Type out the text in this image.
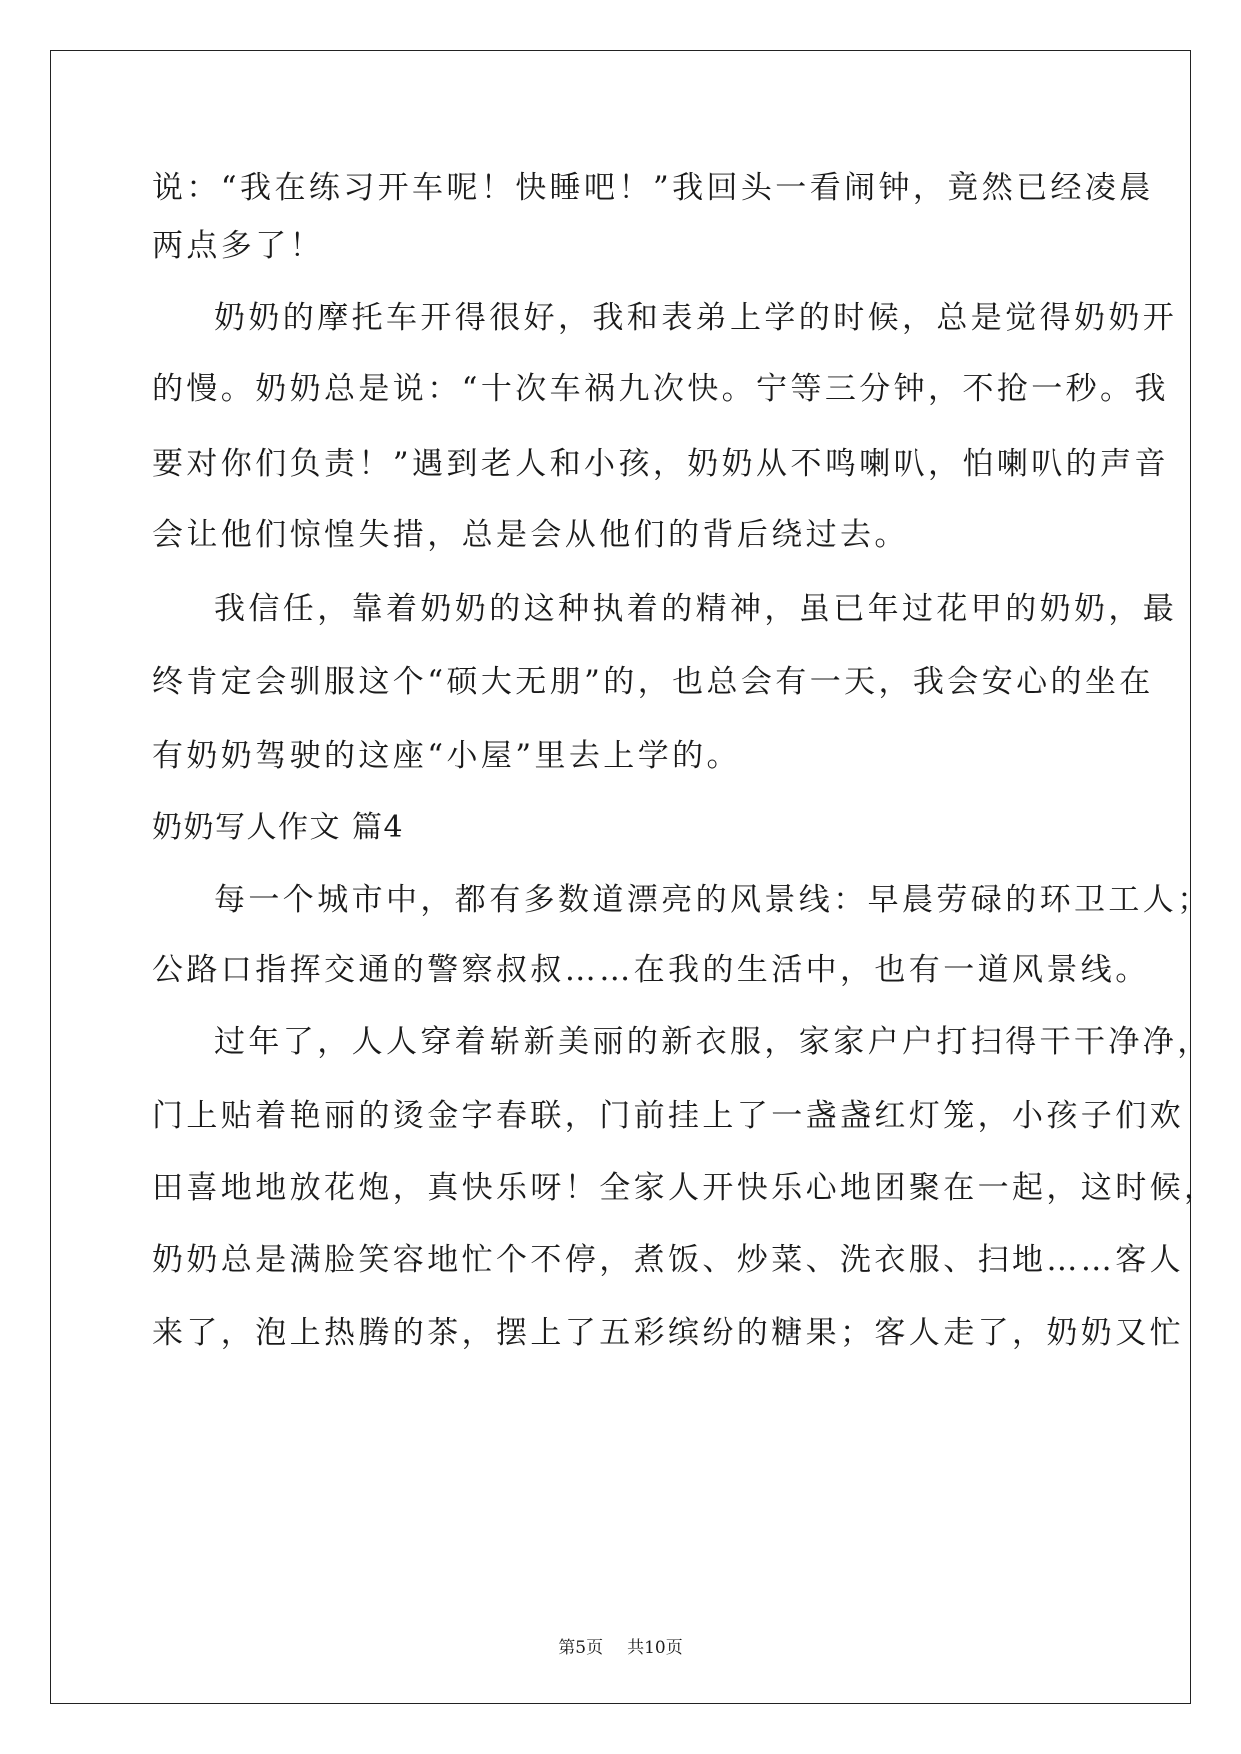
说：“我在练习开车呢！快睡吧！”我回头一看闹钟，竟然已经凌晨
两点多了！
奶奶的摩托车开得很好，我和表弟上学的时候，总是觉得奶奶开
的慢。奶奶总是说：“十次车祸九次快。宁等三分钟，不抢一秒。我
要对你们负责！”遇到老人和小孩，奶奶从不鸣喇叭，怕喇叭的声音
会让他们惊惶失措，总是会从他们的背后绕过去。
我信任，靠着奶奶的这种执着的精神，虽已年过花甲的奶奶，最
终肯定会驯服这个“硕大无朋”的，也总会有一天，我会安心的坐在
有奶奶驾驶的这座“小屋”里去上学的。
奶奶写人作文 篇4
每一个城市中，都有多数道漂亮的风景线：早晨劳碌的环卫工人；
公路口指挥交通的警察叔叔……在我的生活中，也有一道风景线。
过年了，人人穿着崭新美丽的新衣服，家家户户打扫得干干净净，
门上贴着艳丽的烫金字春联，门前挂上了一盏盏红灯笼，小孩子们欢
田喜地地放花炮，真快乐呀！全家人开快乐心地团聚在一起，这时候，
奶奶总是满脸笑容地忙个不停，煮饭、炒菜、洗衣服、扫地……客人
来了，泡上热腾的茶，摆上了五彩缤纷的糖果；客人走了，奶奶又忙
第5页 共10页
